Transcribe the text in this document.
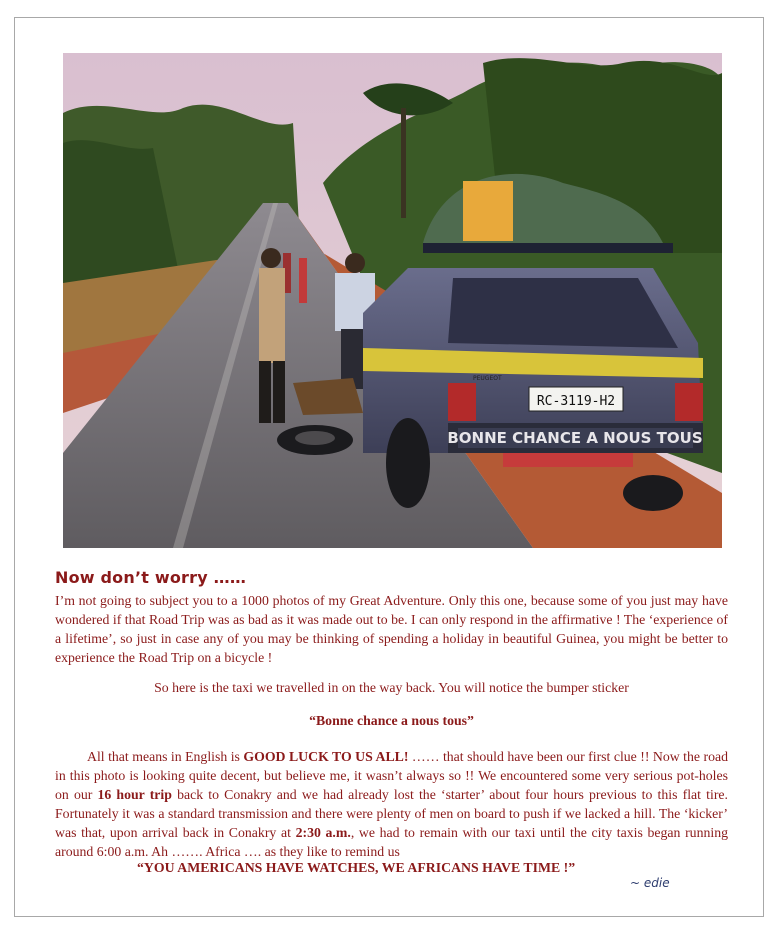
RC-3119-H2
PEUGEOT
BONNE CHANCE A NOUS TOUS
Now don’t worry ……

I’m not going to subject you to a 1000 photos of my Great Adventure. Only this one, because some of you just may have wondered if that Road Trip was as bad as it was made out to be. I can only respond in the affirmative ! The ‘experience of a lifetime’, so just in case any of you may be thinking of spending a holiday in beautiful Guinea, you might be better to experience the Road Trip on a bicycle !

So here is the taxi we travelled in on the way back. You will notice the bumper sticker

“Bonne chance a nous tous”

All that means in English is GOOD LUCK TO US ALL! …… that should have been our first clue !! Now the road in this photo is looking quite decent, but believe me, it wasn’t always so !! We encountered some very serious pot-holes on our 16 hour trip back to Conakry and we had already lost the ‘starter’ about four hours previous to this flat tire. Fortunately it was a standard transmission and there were plenty of men on board to push if we lacked a hill. The ‘kicker’ was that, upon arrival back in Conakry at 2:30 a.m., we had to remain with our taxi until the city taxis began running around 6:00 a.m. Ah ……. Africa …. as they like to remind us

“YOU AMERICANS HAVE WATCHES, WE AFRICANS HAVE TIME !”
~ edie
